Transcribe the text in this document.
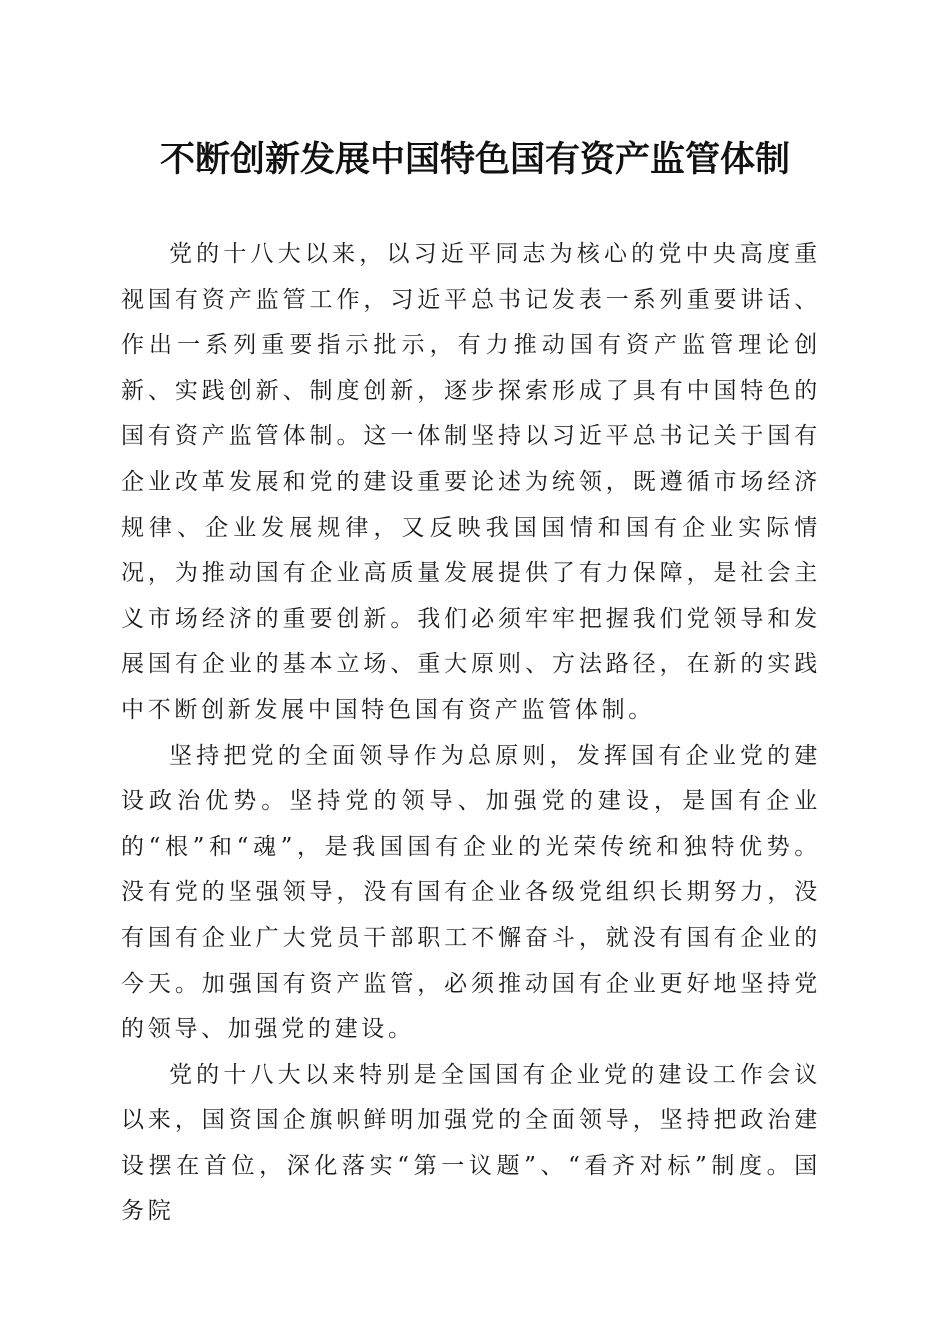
不断创新发展中国特色国有资产监管体制

党的十八大以来，以习近平同志为核心的党中央高度重视国有资产监管工作，习近平总书记发表一系列重要讲话、作出一系列重要指示批示，有力推动国有资产监管理论创新、实践创新、制度创新，逐步探索形成了具有中国特色的国有资产监管体制。这一体制坚持以习近平总书记关于国有企业改革发展和党的建设重要论述为统领，既遵循市场经济规律、企业发展规律，又反映我国国情和国有企业实际情况，为推动国有企业高质量发展提供了有力保障，是社会主义市场经济的重要创新。我们必须牢牢把握我们党领导和发展国有企业的基本立场、重大原则、方法路径，在新的实践中不断创新发展中国特色国有资产监管体制。

坚持把党的全面领导作为总原则，发挥国有企业党的建设政治优势。坚持党的领导、加强党的建设，是国有企业的“根”和“魂”，是我国国有企业的光荣传统和独特优势。没有党的坚强领导，没有国有企业各级党组织长期努力，没有国有企业广大党员干部职工不懈奋斗，就没有国有企业的今天。加强国有资产监管，必须推动国有企业更好地坚持党的领导、加强党的建设。

党的十八大以来特别是全国国有企业党的建设工作会议以来，国资国企旗帜鲜明加强党的全面领导，坚持把政治建设摆在首位，深化落实“第一议题”、“看齐对标”制度。国务院
